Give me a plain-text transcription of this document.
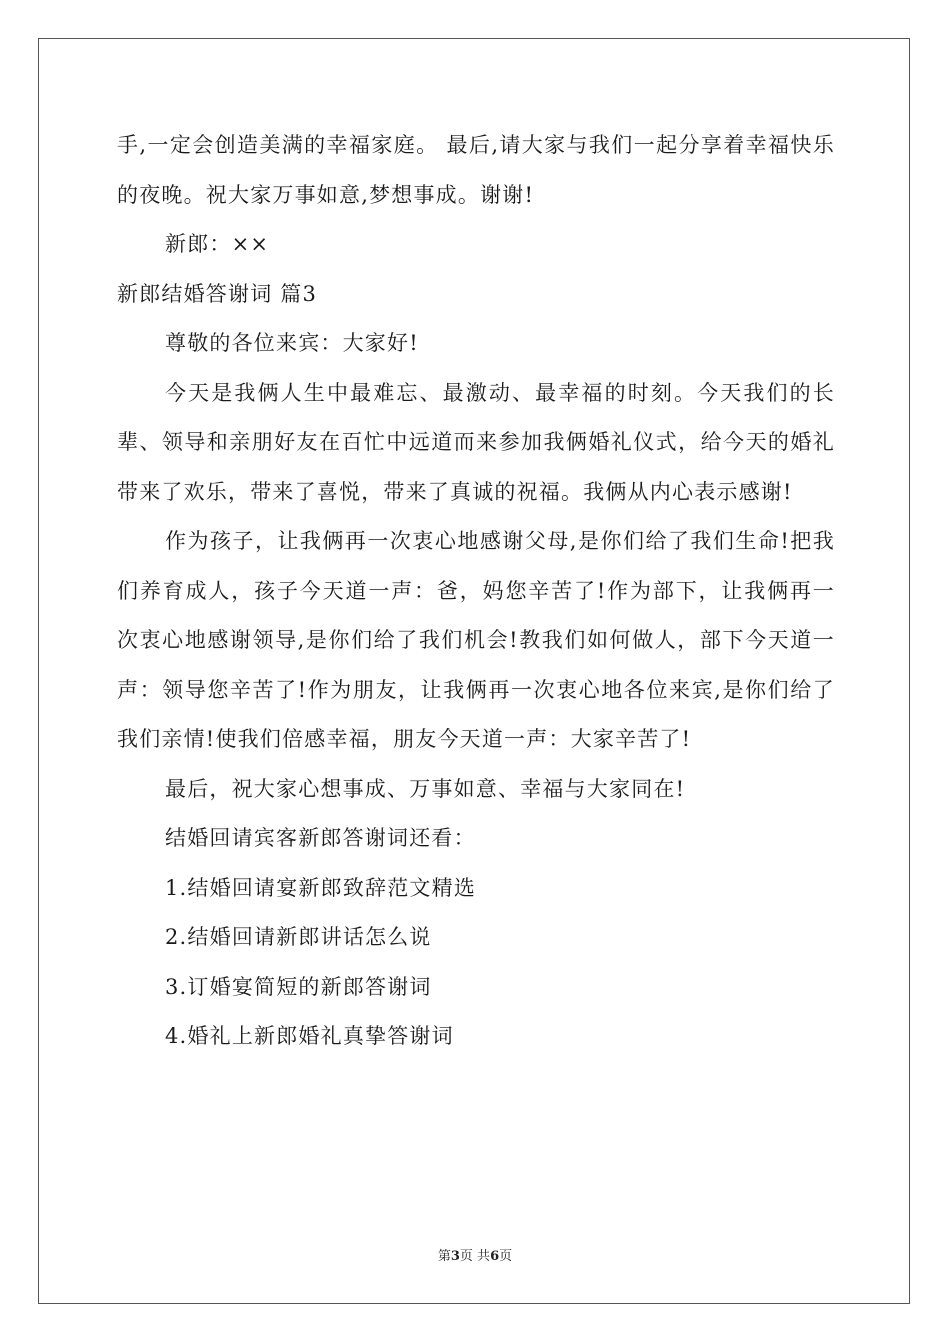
手,一定会创造美满的幸福家庭。 最后,请大家与我们一起分享着幸福快乐的夜晚。祝大家万事如意,梦想事成。谢谢!

新郎：××

新郎结婚答谢词 篇3

尊敬的各位来宾：大家好!

今天是我俩人生中最难忘、最激动、最幸福的时刻。今天我们的长辈、领导和亲朋好友在百忙中远道而来参加我俩婚礼仪式，给今天的婚礼带来了欢乐，带来了喜悦，带来了真诚的祝福。我俩从内心表示感谢!

作为孩子，让我俩再一次衷心地感谢父母,是你们给了我们生命!把我们养育成人，孩子今天道一声：爸，妈您辛苦了!作为部下，让我俩再一次衷心地感谢领导,是你们给了我们机会!教我们如何做人，部下今天道一声：领导您辛苦了!作为朋友，让我俩再一次衷心地各位来宾,是你们给了我们亲情!使我们倍感幸福，朋友今天道一声：大家辛苦了!

最后，祝大家心想事成、万事如意、幸福与大家同在!

结婚回请宾客新郎答谢词还看：

1.结婚回请宴新郎致辞范文精选

2.结婚回请新郎讲话怎么说

3.订婚宴简短的新郎答谢词

4.婚礼上新郎婚礼真挚答谢词

第3页 共6页
